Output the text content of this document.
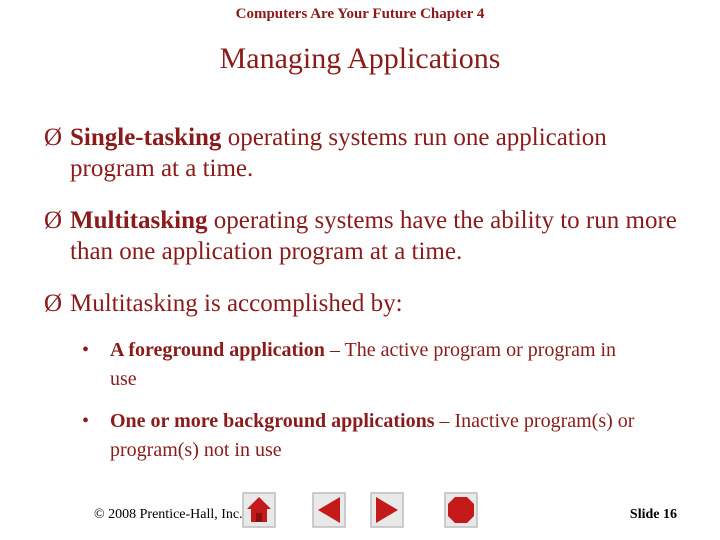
Computers Are Your Future Chapter 4
Managing Applications
Ø Single-tasking operating systems run one application program at a time.
Ø Multitasking operating systems have the ability to run more than one application program at a time.
Ø Multitasking is accomplished by:
•	A foreground application – The active program or program in use
•	One or more background applications – Inactive program(s) or program(s) not in use
© 2008 Prentice-Hall, Inc.	Slide 16
